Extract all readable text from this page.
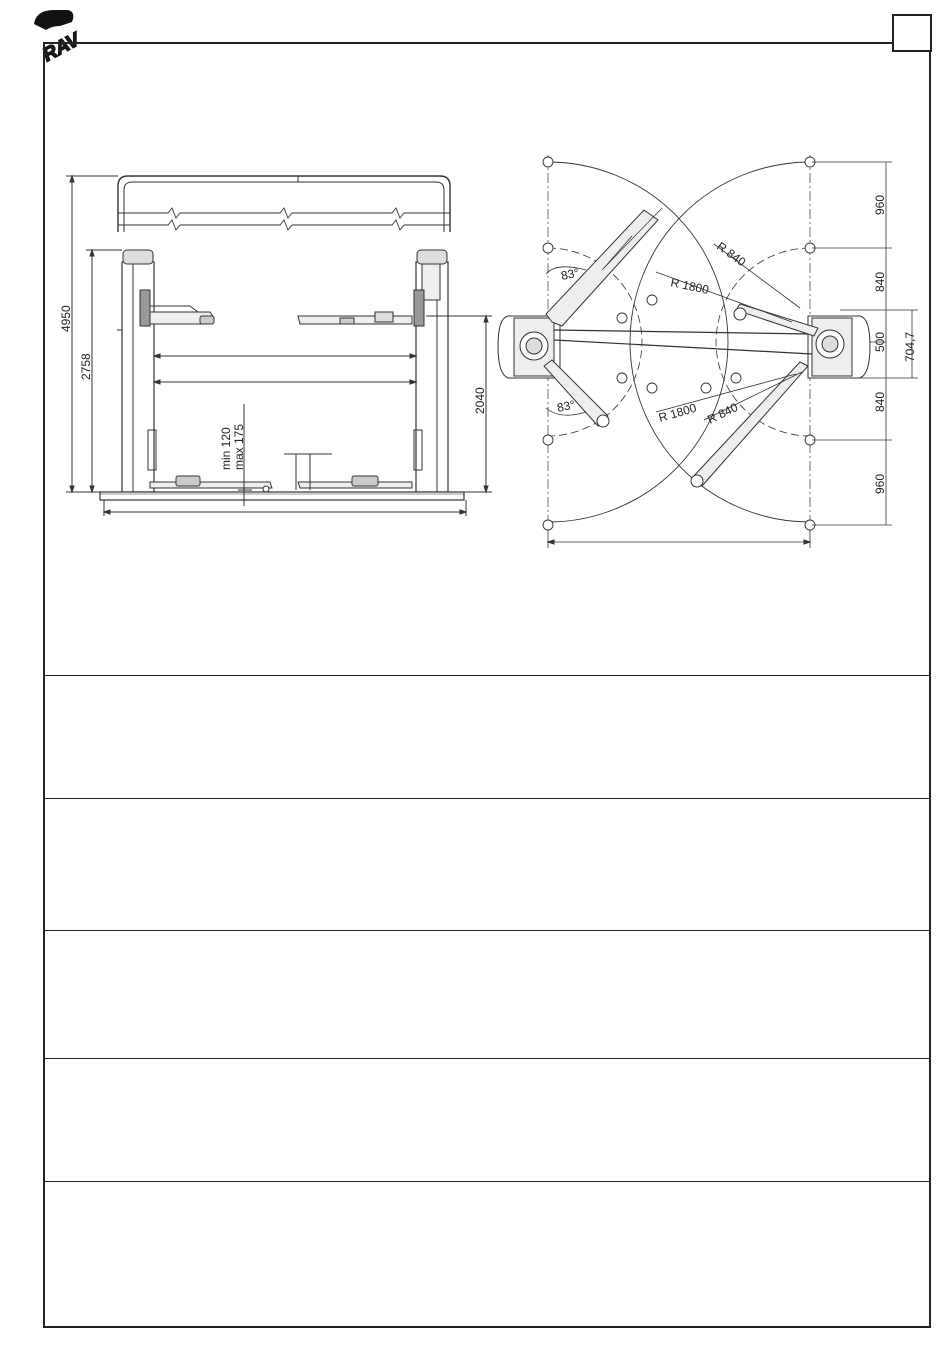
RAV
4950
2758
2040
min 120 max 175
960
840
500
840
960
704,7
R 840
R 1800
R 1800 R 840
83°
83°
